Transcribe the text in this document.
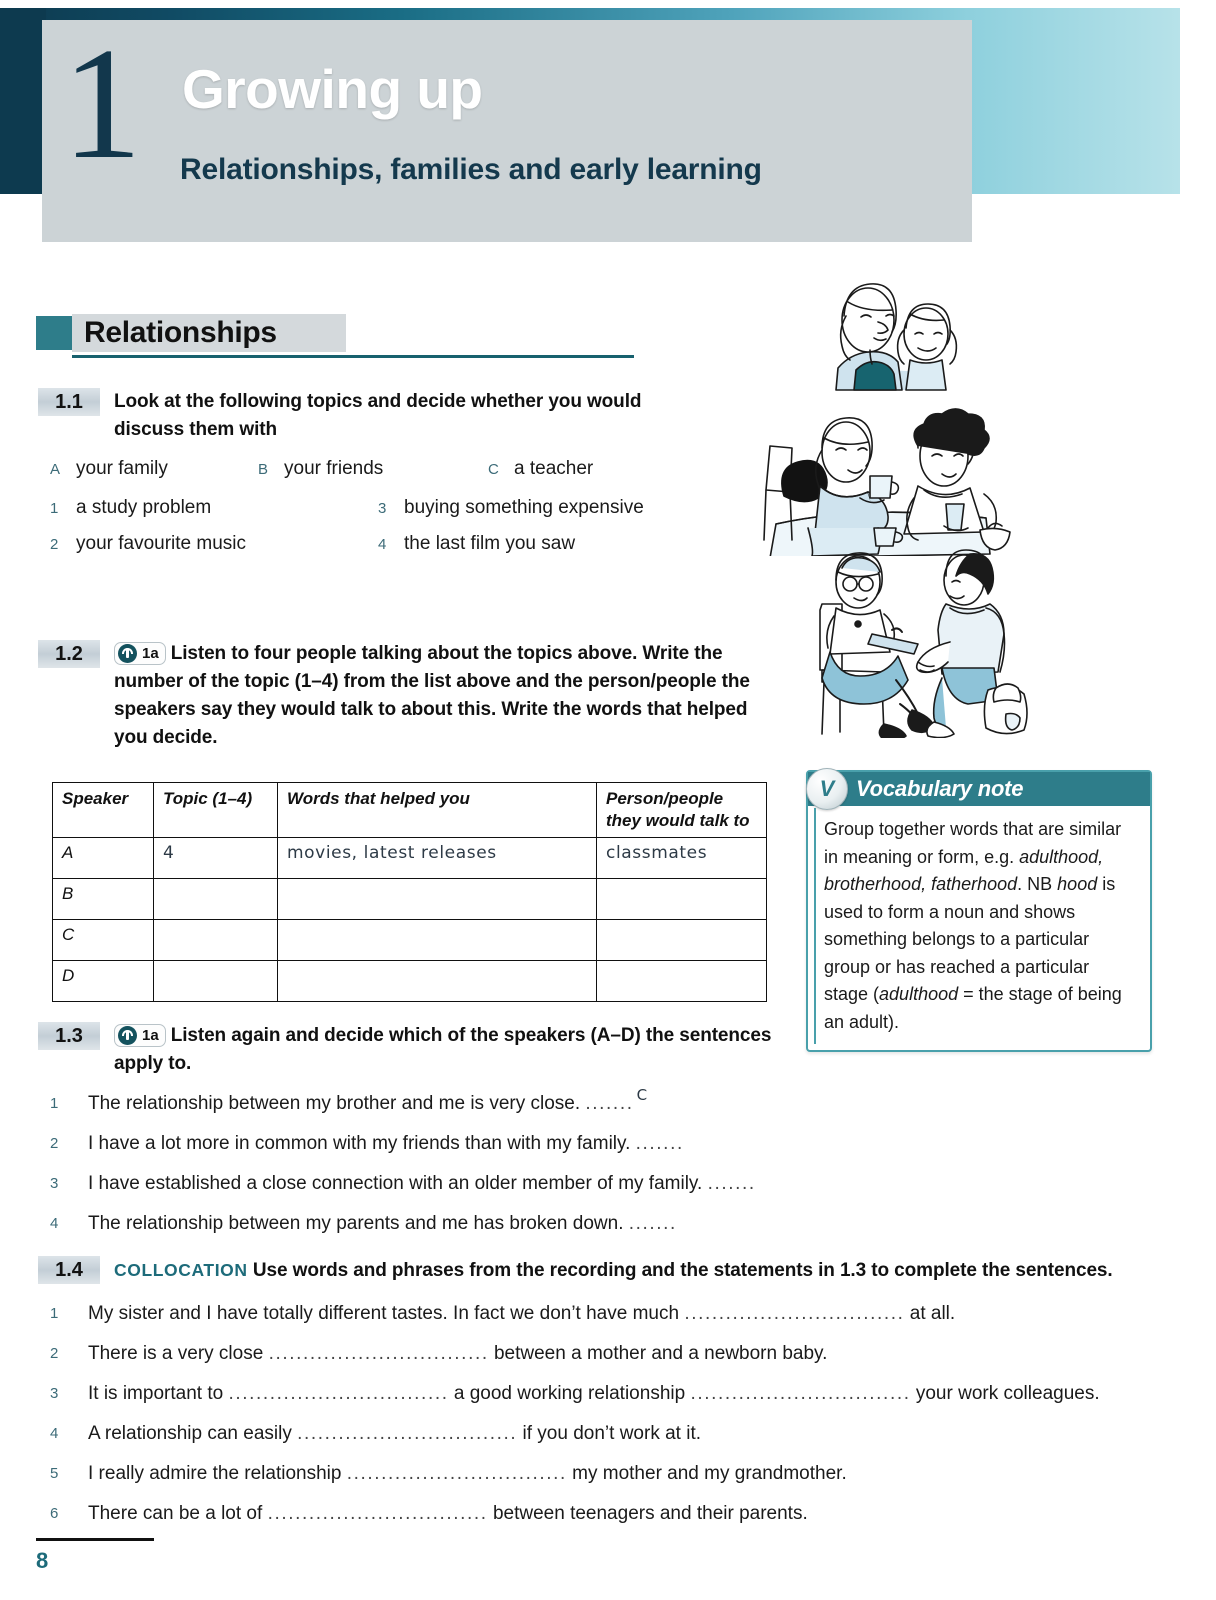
1 Growing up
Relationships, families and early learning
Relationships
1.1	Look at the following topics and decide whether you would discuss them with
A your family	B your friends	C a teacher
1 a study problem
2 your favourite music
3 buying something expensive
4 the last film you saw
1.2	1a Listen to four people talking about the topics above. Write the number of the topic (1–4) from the list above and the person/people the speakers say they would talk to about this. Write the words that helped you decide.
Speaker	Topic (1–4)	Words that helped you	Person/people they would talk to
A	4	movies, latest releases	classmates
B			
C			
D			
V Vocabulary note
Group together words that are similar in meaning or form, e.g. adulthood, brotherhood, fatherhood. NB hood is used to form a noun and shows something belongs to a particular group or has reached a particular stage (adulthood = the stage of being an adult).
1.3	1a Listen again and decide which of the speakers (A–D) the sentences apply to.
1	The relationship between my brother and me is very close. ....... $^C$
2	I have a lot more in common with my friends than with my family. .......
3	I have established a close connection with an older member of my family. .......
4	The relationship between my parents and me has broken down. .......
1.4	COLLOCATION Use words and phrases from the recording and the statements in 1.3 to complete the sentences.
1	My sister and I have totally different tastes. In fact we don’t have much ................................ at all.
2	There is a very close ................................ between a mother and a newborn baby.
3	It is important to ................................ a good working relationship ................................ your work colleagues.
4	A relationship can easily ................................ if you don’t work at it.
5	I really admire the relationship ................................ my mother and my grandmother.
6	There can be a lot of ................................ between teenagers and their parents.
8
